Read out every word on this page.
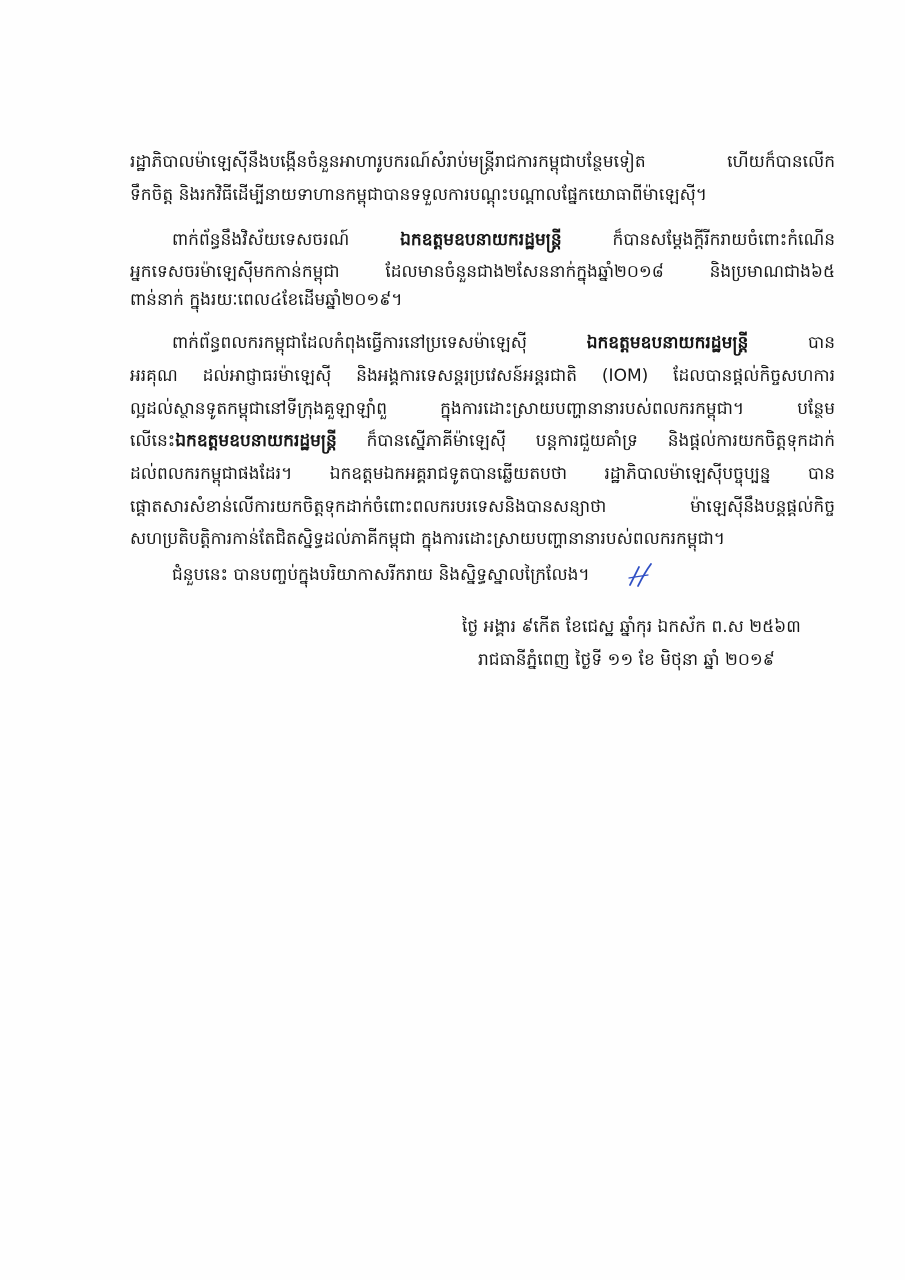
រដ្ឋាភិបាលម៉ាឡេស៊ីនឹងបង្កើនចំនួនអាហារូបករណ៍សំរាប់មន្ត្រីរាជការកម្ពុជាបន្ថែមទៀត ហើយក៏បានលើក
ទឹកចិត្ត និងរកវិធីដើម្បីនាយទាហានកម្ពុជាបានទទួលការបណ្តុះបណ្តាលផ្នែកយោធាពីម៉ាឡេស៊ី។
ពាក់ព័ន្ធនឹងវិស័យទេសចរណ៍ ឯកឧត្តមឧបនាយករដ្ឋមន្ត្រី ក៏បានសម្តែងក្តីរីករាយចំពោះកំណើន
អ្នកទេសចរម៉ាឡេស៊ីមកកាន់កម្ពុជា ដែលមានចំនួនជាង២សែននាក់ក្នុងឆ្នាំ២០១៨ និងប្រមាណជាង៦៥
ពាន់នាក់ ក្នុងរយៈពេល៤ខែដើមឆ្នាំ២០១៩។
ពាក់ព័ន្ធពលករកម្ពុជាដែលកំពុងធ្វើការនៅប្រទេសម៉ាឡេស៊ី ឯកឧត្តមឧបនាយករដ្ឋមន្ត្រី បាន
អរគុណ ដល់អាជ្ញាធរម៉ាឡេស៊ី និងអង្គការទេសន្តរប្រវេសន៍អន្តរជាតិ (IOM) ដែលបានផ្តល់កិច្ចសហការ
ល្អដល់ស្ថានទូតកម្ពុជានៅទីក្រុងគួឡាឡាំពួ ក្នុងការដោះស្រាយបញ្ហានានារបស់ពលករកម្ពុជា។ បន្ថែម
លើនេះឯកឧត្តមឧបនាយករដ្ឋមន្ត្រី ក៏បានស្នើភាគីម៉ាឡេស៊ី បន្តការជួយគាំទ្រ និងផ្តល់ការយកចិត្តទុកដាក់
ដល់ពលករកម្ពុជាផងដែរ។ ឯកឧត្តមឯកអគ្គរាជទូតបានឆ្លើយតបថា រដ្ឋាភិបាលម៉ាឡេស៊ីបច្ចុប្បន្ន បាន
ផ្តោតសារសំខាន់លើការយកចិត្តទុកដាក់ចំពោះពលករបរទេសនិងបានសន្យាថា ម៉ាឡេស៊ីនឹងបន្តផ្តល់កិច្ច
សហប្រតិបត្តិការកាន់តែជិតស្និទ្ធដល់ភាគីកម្ពុជា ក្នុងការដោះស្រាយបញ្ហានានារបស់ពលករកម្ពុជា។
ជំនួបនេះ បានបញ្ចប់ក្នុងបរិយាកាសរីករាយ និងស្និទ្ធស្នាលក្រៃលែង។
ថ្ងៃ អង្គារ ៩កើត ខែជេស្ឋ ឆ្នាំកុរ ឯកស័ក ព.ស ២៥៦៣
រាជធានីភ្នំពេញ ថ្ងៃទី ១១ ខែ មិថុនា ឆ្នាំ ២០១៩
